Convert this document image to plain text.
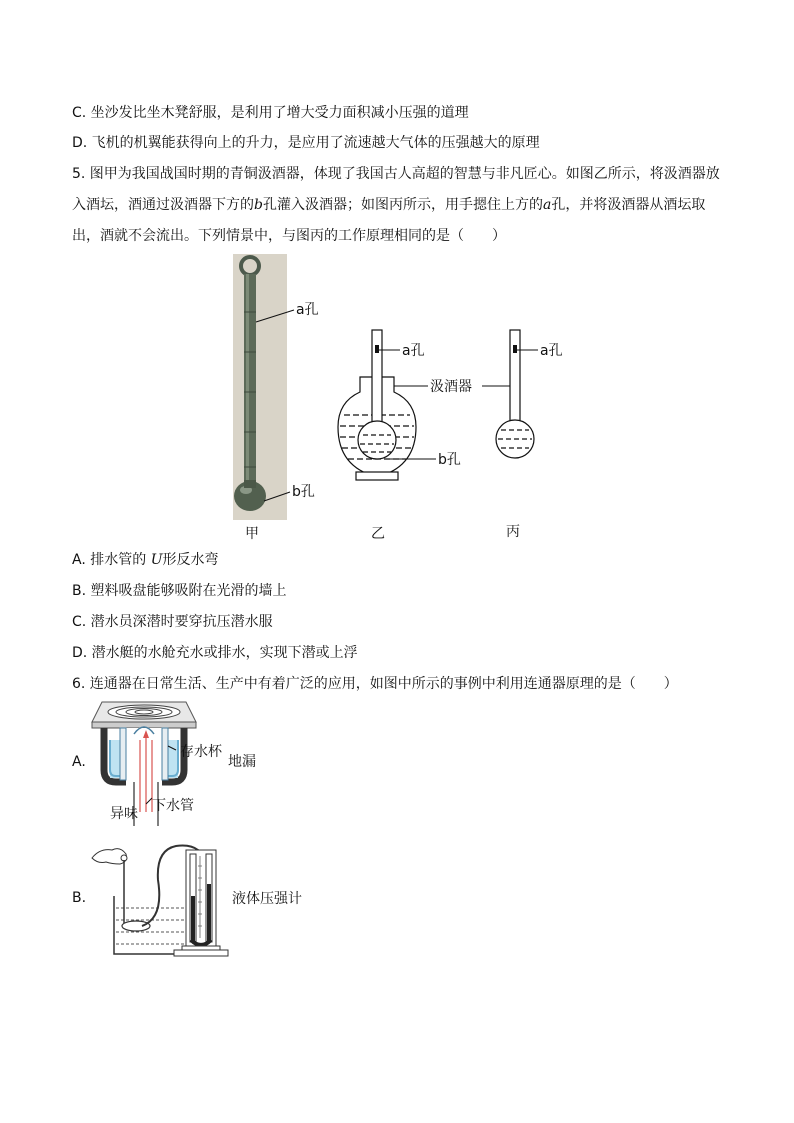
C. 坐沙发比坐木凳舒服，是利用了增大受力面积减小压强的道理
D. 飞机的机翼能获得向上的升力，是应用了流速越大气体的压强越大的原理
5. 图甲为我国战国时期的青铜汲酒器，体现了我国古人高超的智慧与非凡匠心。如图乙所示，将汲酒器放
入酒坛，酒通过汲酒器下方的b孔灌入汲酒器；如图丙所示，用手摁住上方的a孔，并将汲酒器从酒坛取
出，酒就不会流出。下列情景中，与图丙的工作原理相同的是（　　）
a孔
b孔
甲
a孔
汲酒器
b孔
乙
a孔
丙
A. 排水管的 U形反水弯
B. 塑料吸盘能够吸附在光滑的墙上
C. 潜水员深潜时要穿抗压潜水服
D. 潜水艇的水舱充水或排水，实现下潜或上浮
6. 连通器在日常生活、生产中有着广泛的应用，如图中所示的事例中利用连通器原理的是（　　）
A.
存水杯
地漏
异味 下水管
B.	液体压强计
